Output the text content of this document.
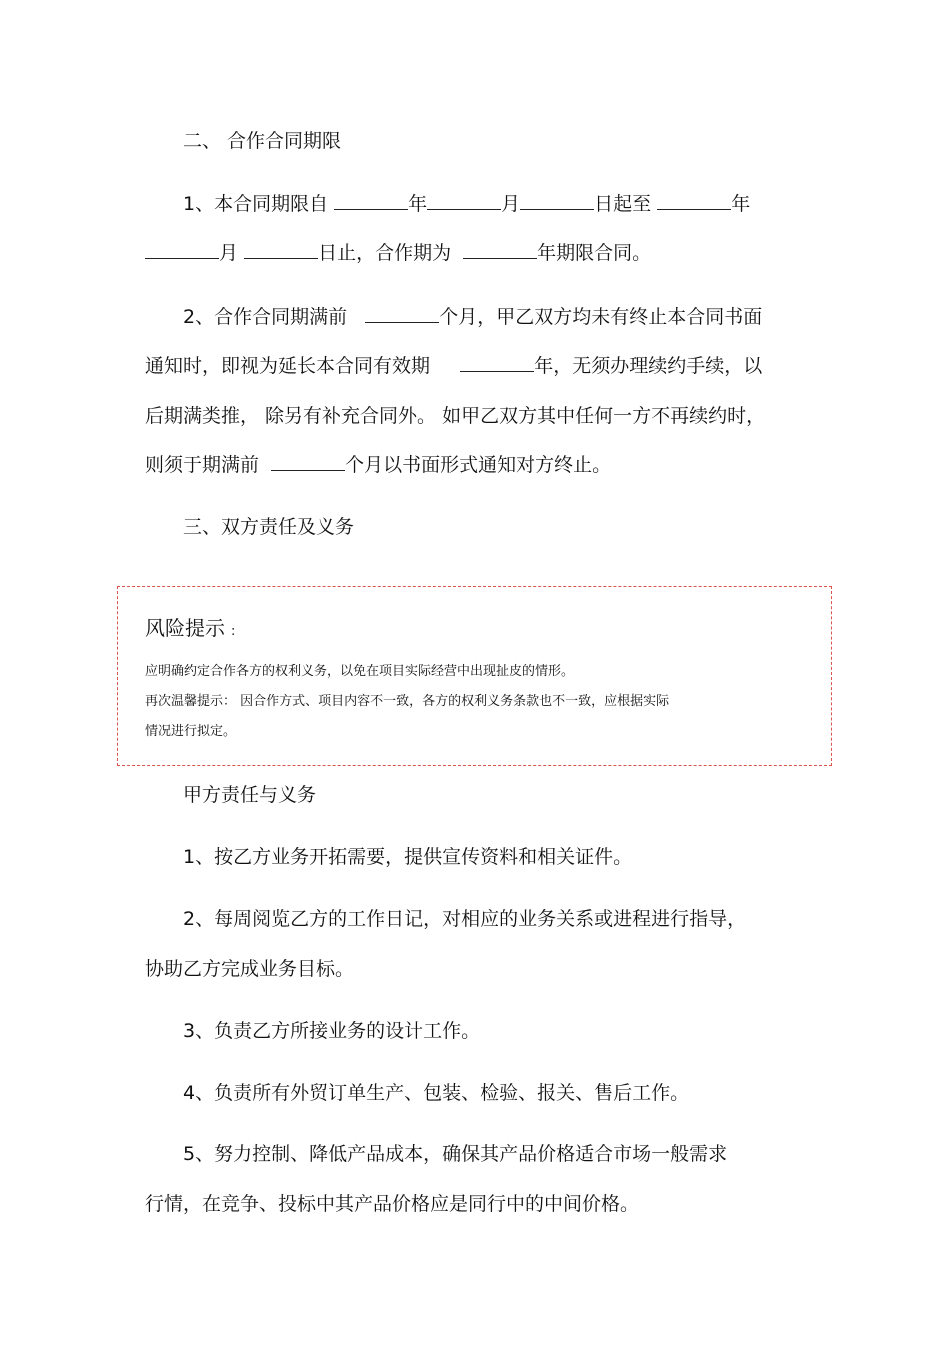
二、 合作合同期限
1、本合同期限自	年	月	日起至	年
月	日止，合作期为	年期限合同。
2、合作合同期满前	个月，甲乙双方均未有终止本合同书面
通知时，即视为延长本合同有效期	年，无须办理续约手续，以
后期满类推， 除另有补充合同外。 如甲乙双方其中任何一方不再续约时，
则须于期满前	个月以书面形式通知对方终止。
三、双方责任及义务
风险提示 :
应明确约定合作各方的权利义务，以免在项目实际经营中出现扯皮的情形。
再次温馨提示： 因合作方式、项目内容不一致，各方的权利义务条款也不一致，应根据实际
情况进行拟定。
甲方责任与义务
1、按乙方业务开拓需要，提供宣传资料和相关证件。
2、每周阅览乙方的工作日记，对相应的业务关系或进程进行指导，
协助乙方完成业务目标。
3、负责乙方所接业务的设计工作。
4、负责所有外贸订单生产、包装、检验、报关、售后工作。
5、努力控制、降低产品成本，确保其产品价格适合市场一般需求
行情，在竞争、投标中其产品价格应是同行中的中间价格。
